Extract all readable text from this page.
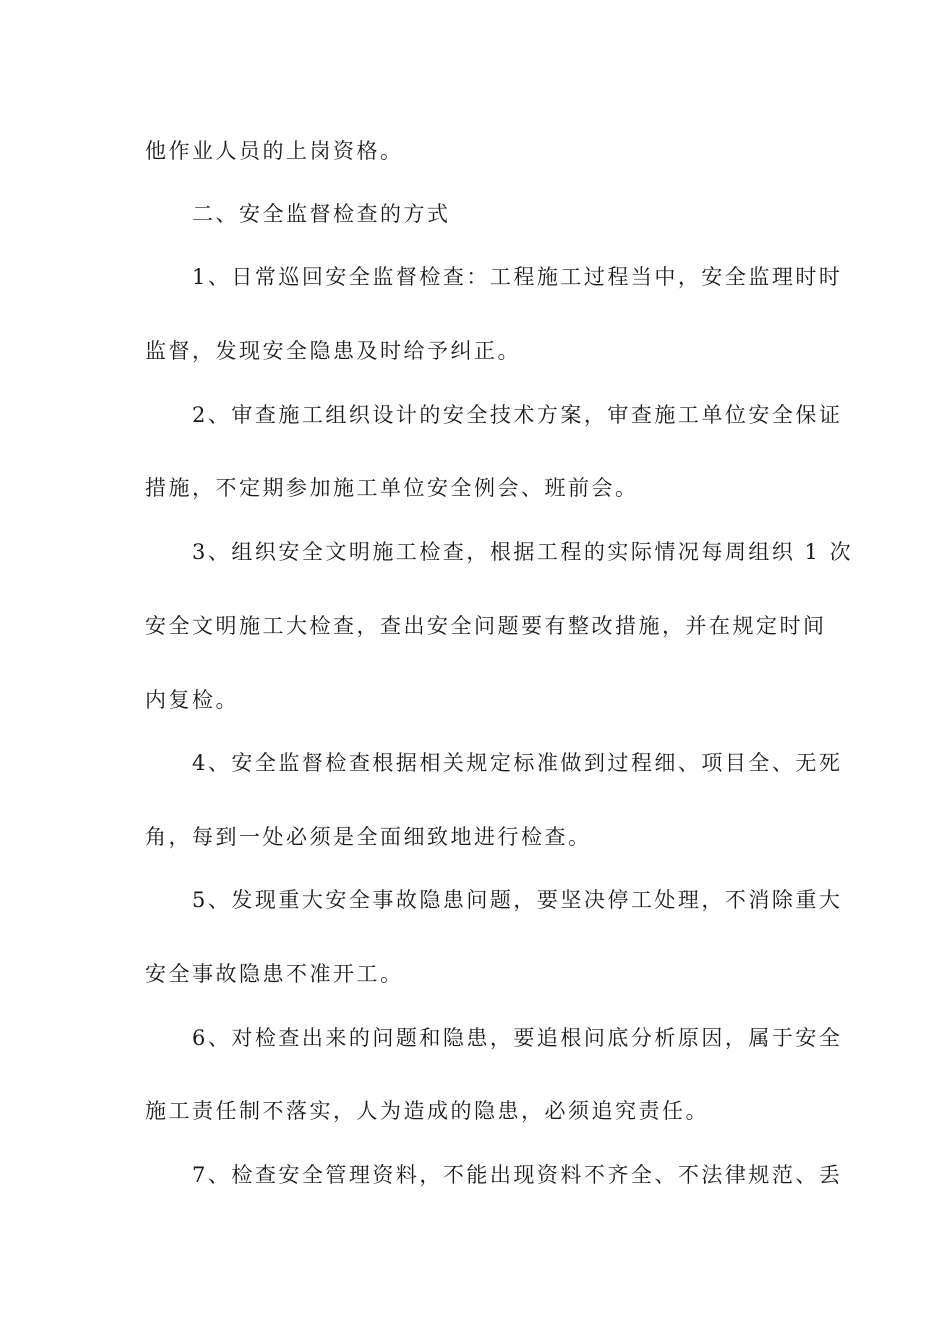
他作业人员的上岗资格。
二、安全监督检查的方式
1、日常巡回安全监督检查：工程施工过程当中，安全监理时时
监督，发现安全隐患及时给予纠正。
2、审查施工组织设计的安全技术方案，审查施工单位安全保证
措施，不定期参加施工单位安全例会、班前会。
3、组织安全文明施工检查，根据工程的实际情况每周组织 1 次
安全文明施工大检查，查出安全问题要有整改措施，并在规定时间
内复检。
4、安全监督检查根据相关规定标准做到过程细、项目全、无死
角，每到一处必须是全面细致地进行检查。
5、发现重大安全事故隐患问题，要坚决停工处理，不消除重大
安全事故隐患不准开工。
6、对检查出来的问题和隐患，要追根问底分析原因，属于安全
施工责任制不落实，人为造成的隐患，必须追究责任。
7、检查安全管理资料，不能出现资料不齐全、不法律规范、丢
